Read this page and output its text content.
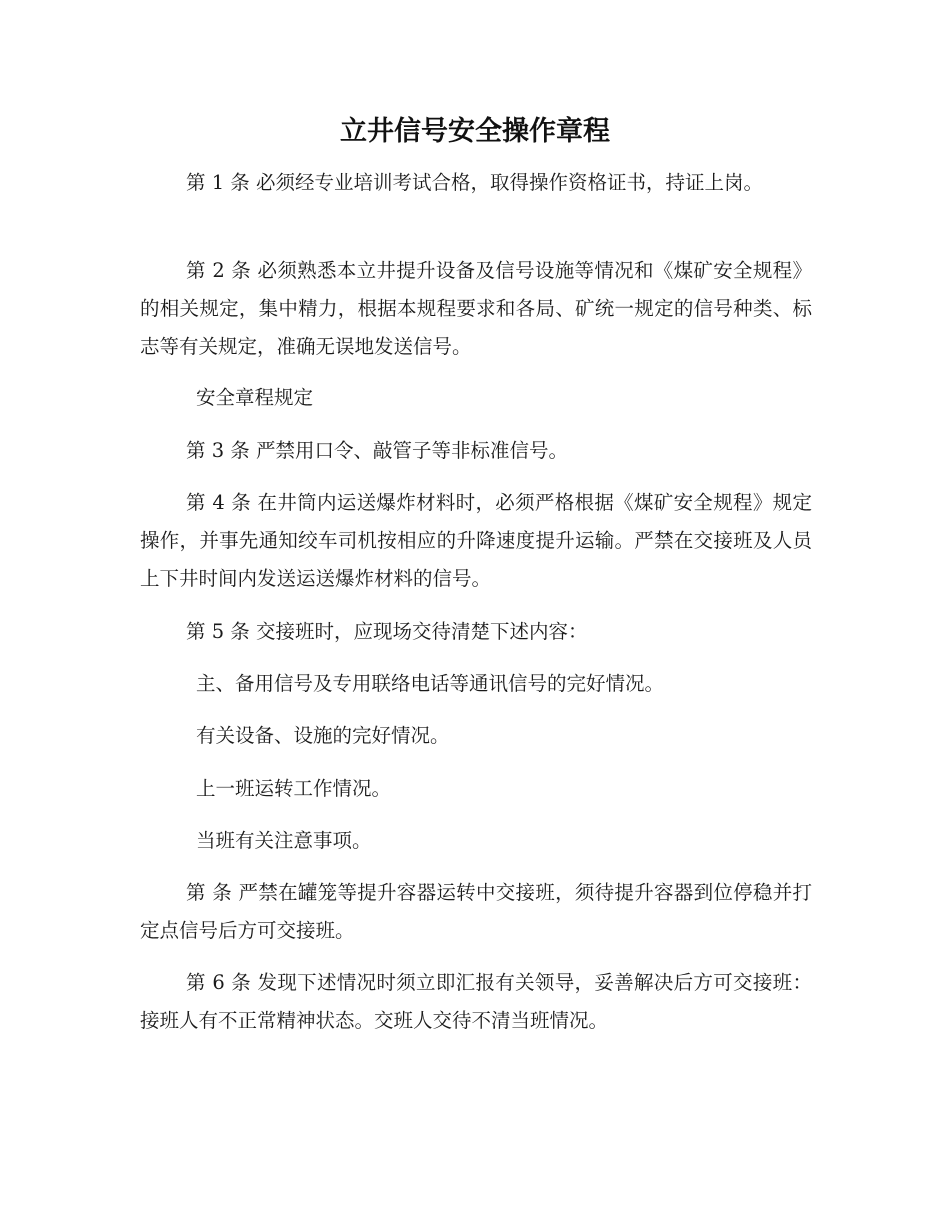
立井信号安全操作章程

第 1 条 必须经专业培训考试合格，取得操作资格证书，持证上岗。

第 2 条 必须熟悉本立井提升设备及信号设施等情况和《煤矿安全规程》的相关规定，集中精力，根据本规程要求和各局、矿统一规定的信号种类、标志等有关规定，准确无误地发送信号。

安全章程规定

第 3 条 严禁用口令、敲管子等非标准信号。

第 4 条 在井筒内运送爆炸材料时，必须严格根据《煤矿安全规程》规定操作，并事先通知绞车司机按相应的升降速度提升运输。严禁在交接班及人员上下井时间内发送运送爆炸材料的信号。

第 5 条 交接班时，应现场交待清楚下述内容：

主、备用信号及专用联络电话等通讯信号的完好情况。

有关设备、设施的完好情况。

上一班运转工作情况。

当班有关注意事项。

第 条 严禁在罐笼等提升容器运转中交接班，须待提升容器到位停稳并打定点信号后方可交接班。

第 6 条 发现下述情况时须立即汇报有关领导，妥善解决后方可交接班：接班人有不正常精神状态。交班人交待不清当班情况。
